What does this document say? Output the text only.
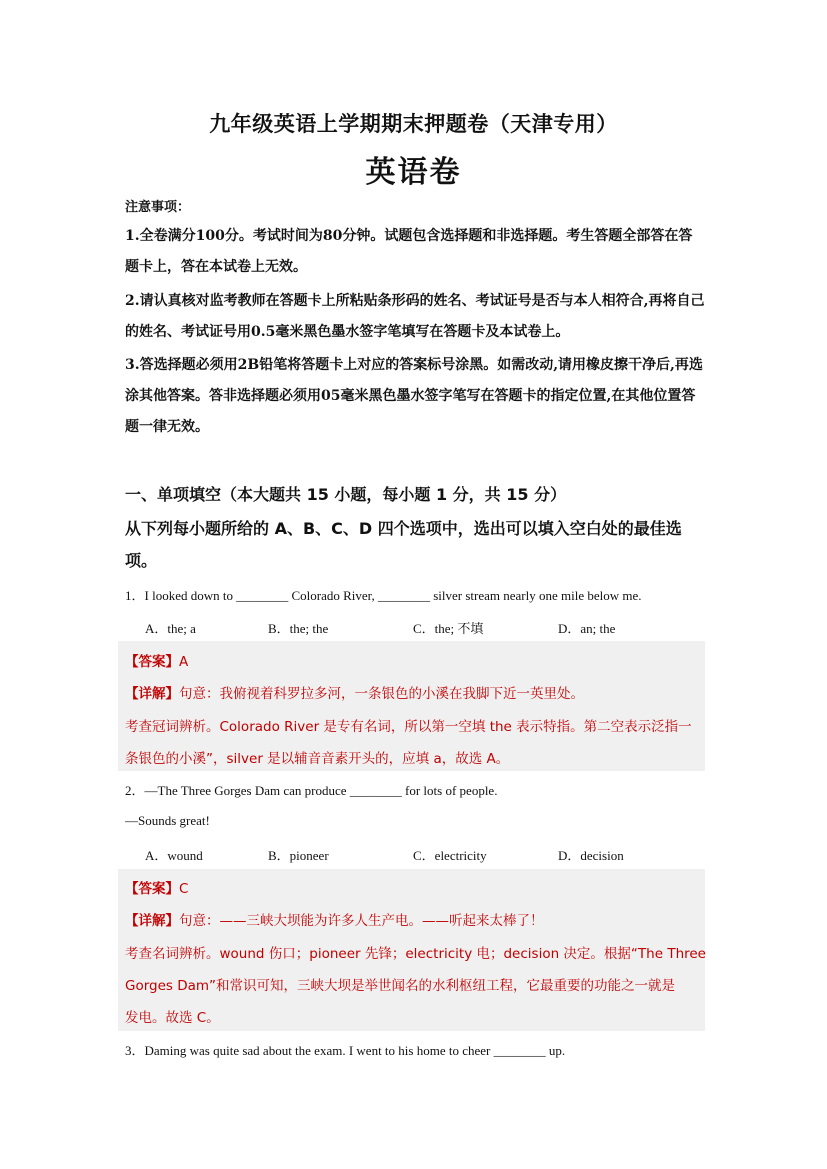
九年级英语上学期期末押题卷（天津专用）
英语卷
注意事项：
1.全卷满分100分。考试时间为80分钟。试题包含选择题和非选择题。考生答题全部答在答题卡上，答在本试卷上无效。
2.请认真核对监考教师在答题卡上所粘贴条形码的姓名、考试证号是否与本人相符合,再将自己的姓名、考试证号用0.5毫米黑色墨水签字笔填写在答题卡及本试卷上。
3.答选择题必须用2B铅笔将答题卡上对应的答案标号涂黑。如需改动,请用橡皮擦干净后,再选涂其他答案。答非选择题必须用05毫米黑色墨水签字笔写在答题卡的指定位置,在其他位置答题一律无效。
一、单项填空（本大题共 15 小题，每小题 1 分，共 15 分）
从下列每小题所给的 A、B、C、D 四个选项中，选出可以填入空白处的最佳选项。
1．I looked down to ________ Colorado River, ________ silver stream nearly one mile below me.
A．the; a	B．the; the	C．the; 不填	D．an; the
【答案】A
【详解】句意：我俯视着科罗拉多河，一条银色的小溪在我脚下近一英里处。
考查冠词辨析。Colorado River 是专有名词，所以第一空填 the 表示特指。第二空表示泛指一
条银色的小溪”，silver 是以辅音音素开头的，应填 a，故选 A。
2．—The Three Gorges Dam can produce ________ for lots of people.
—Sounds great!
A．wound	B．pioneer	C．electricity	D．decision
【答案】C
【详解】句意：——三峡大坝能为许多人生产电。——听起来太棒了！
考查名词辨析。wound 伤口；pioneer 先锋；electricity 电；decision 决定。根据“The Three
Gorges Dam”和常识可知，三峡大坝是举世闻名的水利枢纽工程，它最重要的功能之一就是
发电。故选 C。
3．Daming was quite sad about the exam. I went to his home to cheer ________ up.
